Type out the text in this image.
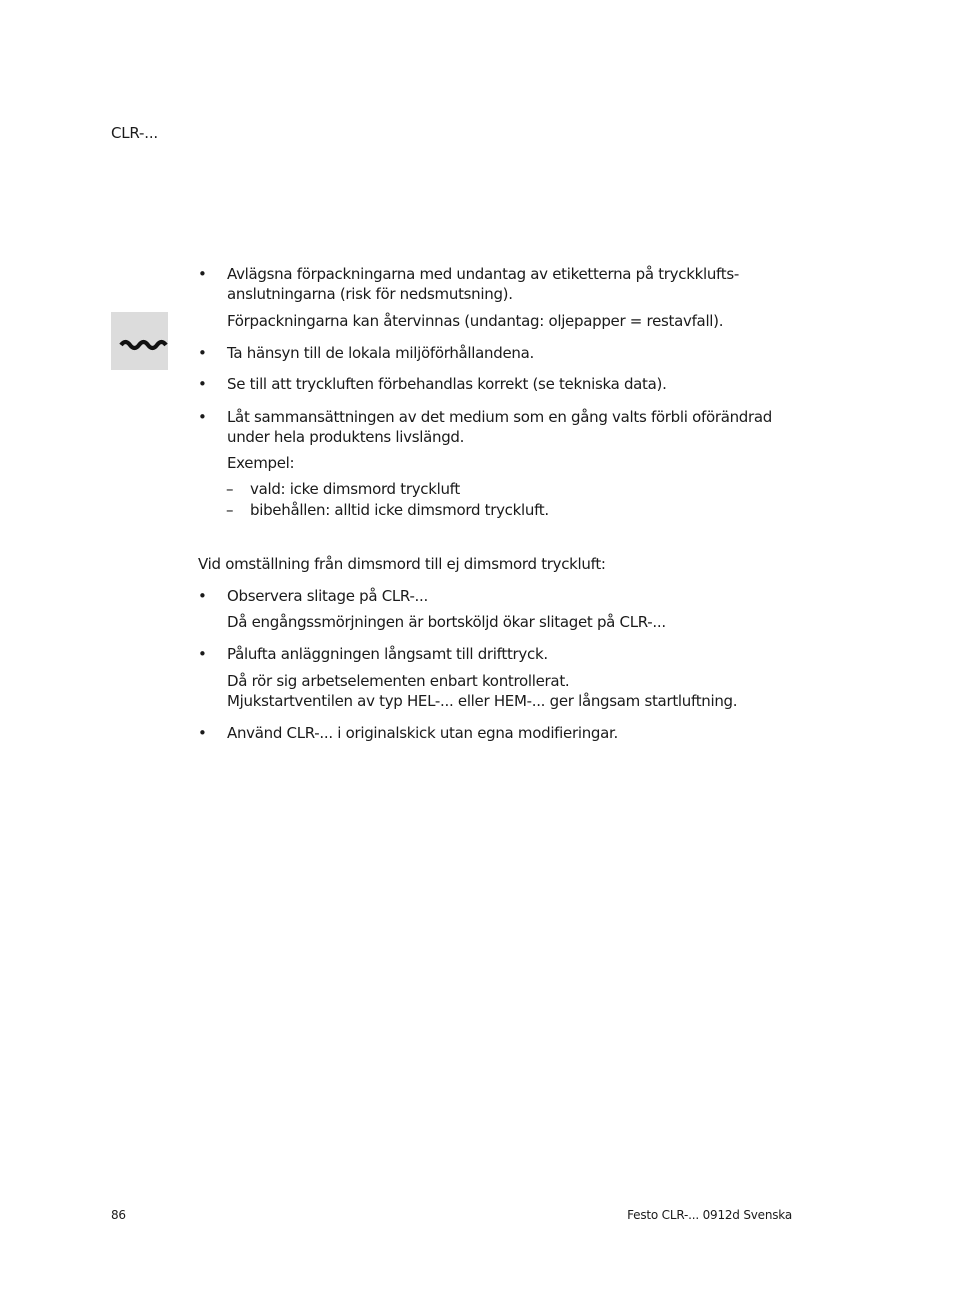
CLR-...
• Avlägsna förpackningarna med undantag av etiketterna på tryckklufts-
anslutningarna (risk för nedsmutsning).
Förpackningarna kan återvinnas (undantag: oljepapper = restavfall).
• Ta hänsyn till de lokala miljöförhållandena.
• Se till att tryckluften förbehandlas korrekt (se tekniska data).
• Låt sammansättningen av det medium som en gång valts förbli oförändrad
under hela produktens livslängd.
Exempel:
– vald: icke dimsmord tryckluft
– bibehållen: alltid icke dimsmord tryckluft.
Vid omställning från dimsmord till ej dimsmord tryckluft:
• Observera slitage på CLR-...
Då engångssmörjningen är bortsköljd ökar slitaget på CLR-...
• Pålufta anläggningen långsamt till drifttryck.
Då rör sig arbetselementen enbart kontrollerat.
Mjukstartventilen av typ HEL-... eller HEM-... ger långsam startluftning.
• Använd CLR-... i originalskick utan egna modifieringar.
86	Festo CLR-... 0912d Svenska
